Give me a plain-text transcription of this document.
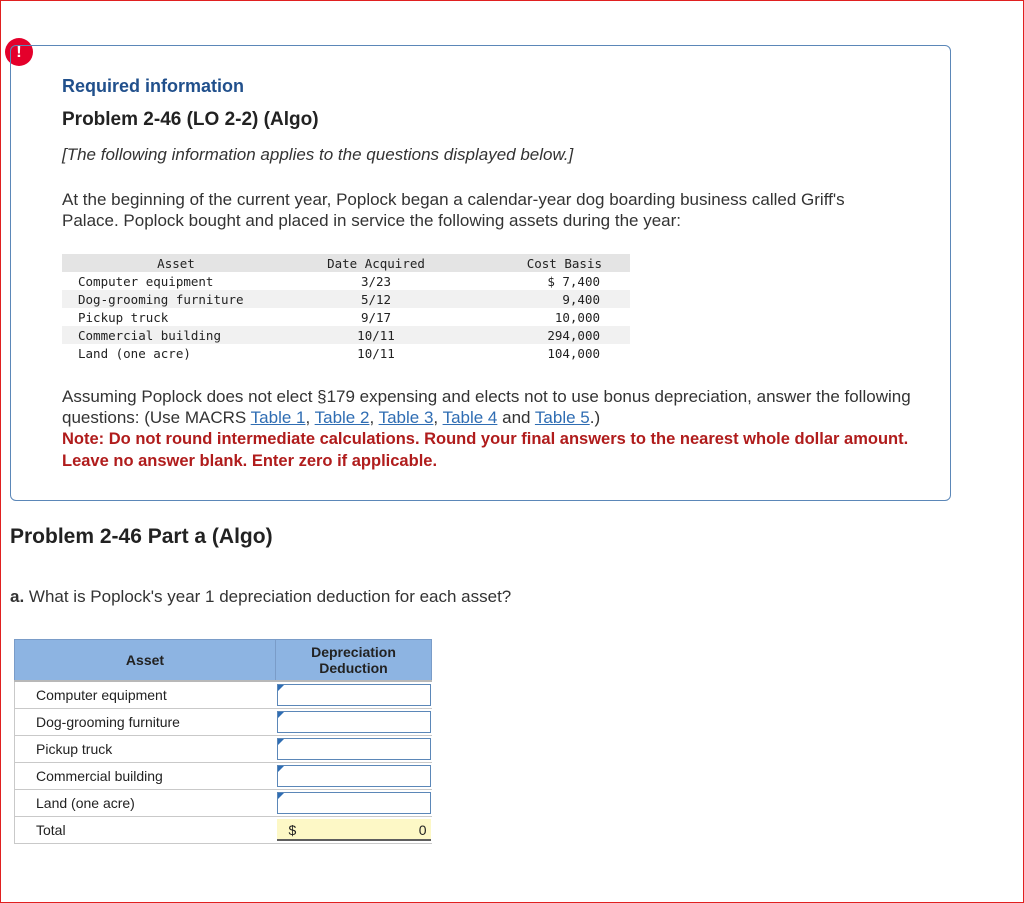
!
Required information
Problem 2-46 (LO 2-2) (Algo)
[The following information applies to the questions displayed below.]
At the beginning of the current year, Poplock began a calendar-year dog boarding business called Griff's Palace. Poplock bought and placed in service the following assets during the year:
Asset	Date Acquired	Cost Basis
Computer equipment	3/23	$ 7,400
Dog-grooming furniture	5/12	9,400
Pickup truck	9/17	10,000
Commercial building	10/11	294,000
Land (one acre)	10/11	104,000
Assuming Poplock does not elect §179 expensing and elects not to use bonus depreciation, answer the following questions: (Use MACRS Table 1, Table 2, Table 3, Table 4 and Table 5.)
Note: Do not round intermediate calculations. Round your final answers to the nearest whole dollar amount. Leave no answer blank. Enter zero if applicable.
Problem 2-46 Part a (Algo)
a. What is Poplock's year 1 depreciation deduction for each asset?
Asset	Depreciation
Deduction
Computer equipment	

Dog-grooming furniture	

Pickup truck	

Commercial building	

Land (one acre)	

Total	$ 0
